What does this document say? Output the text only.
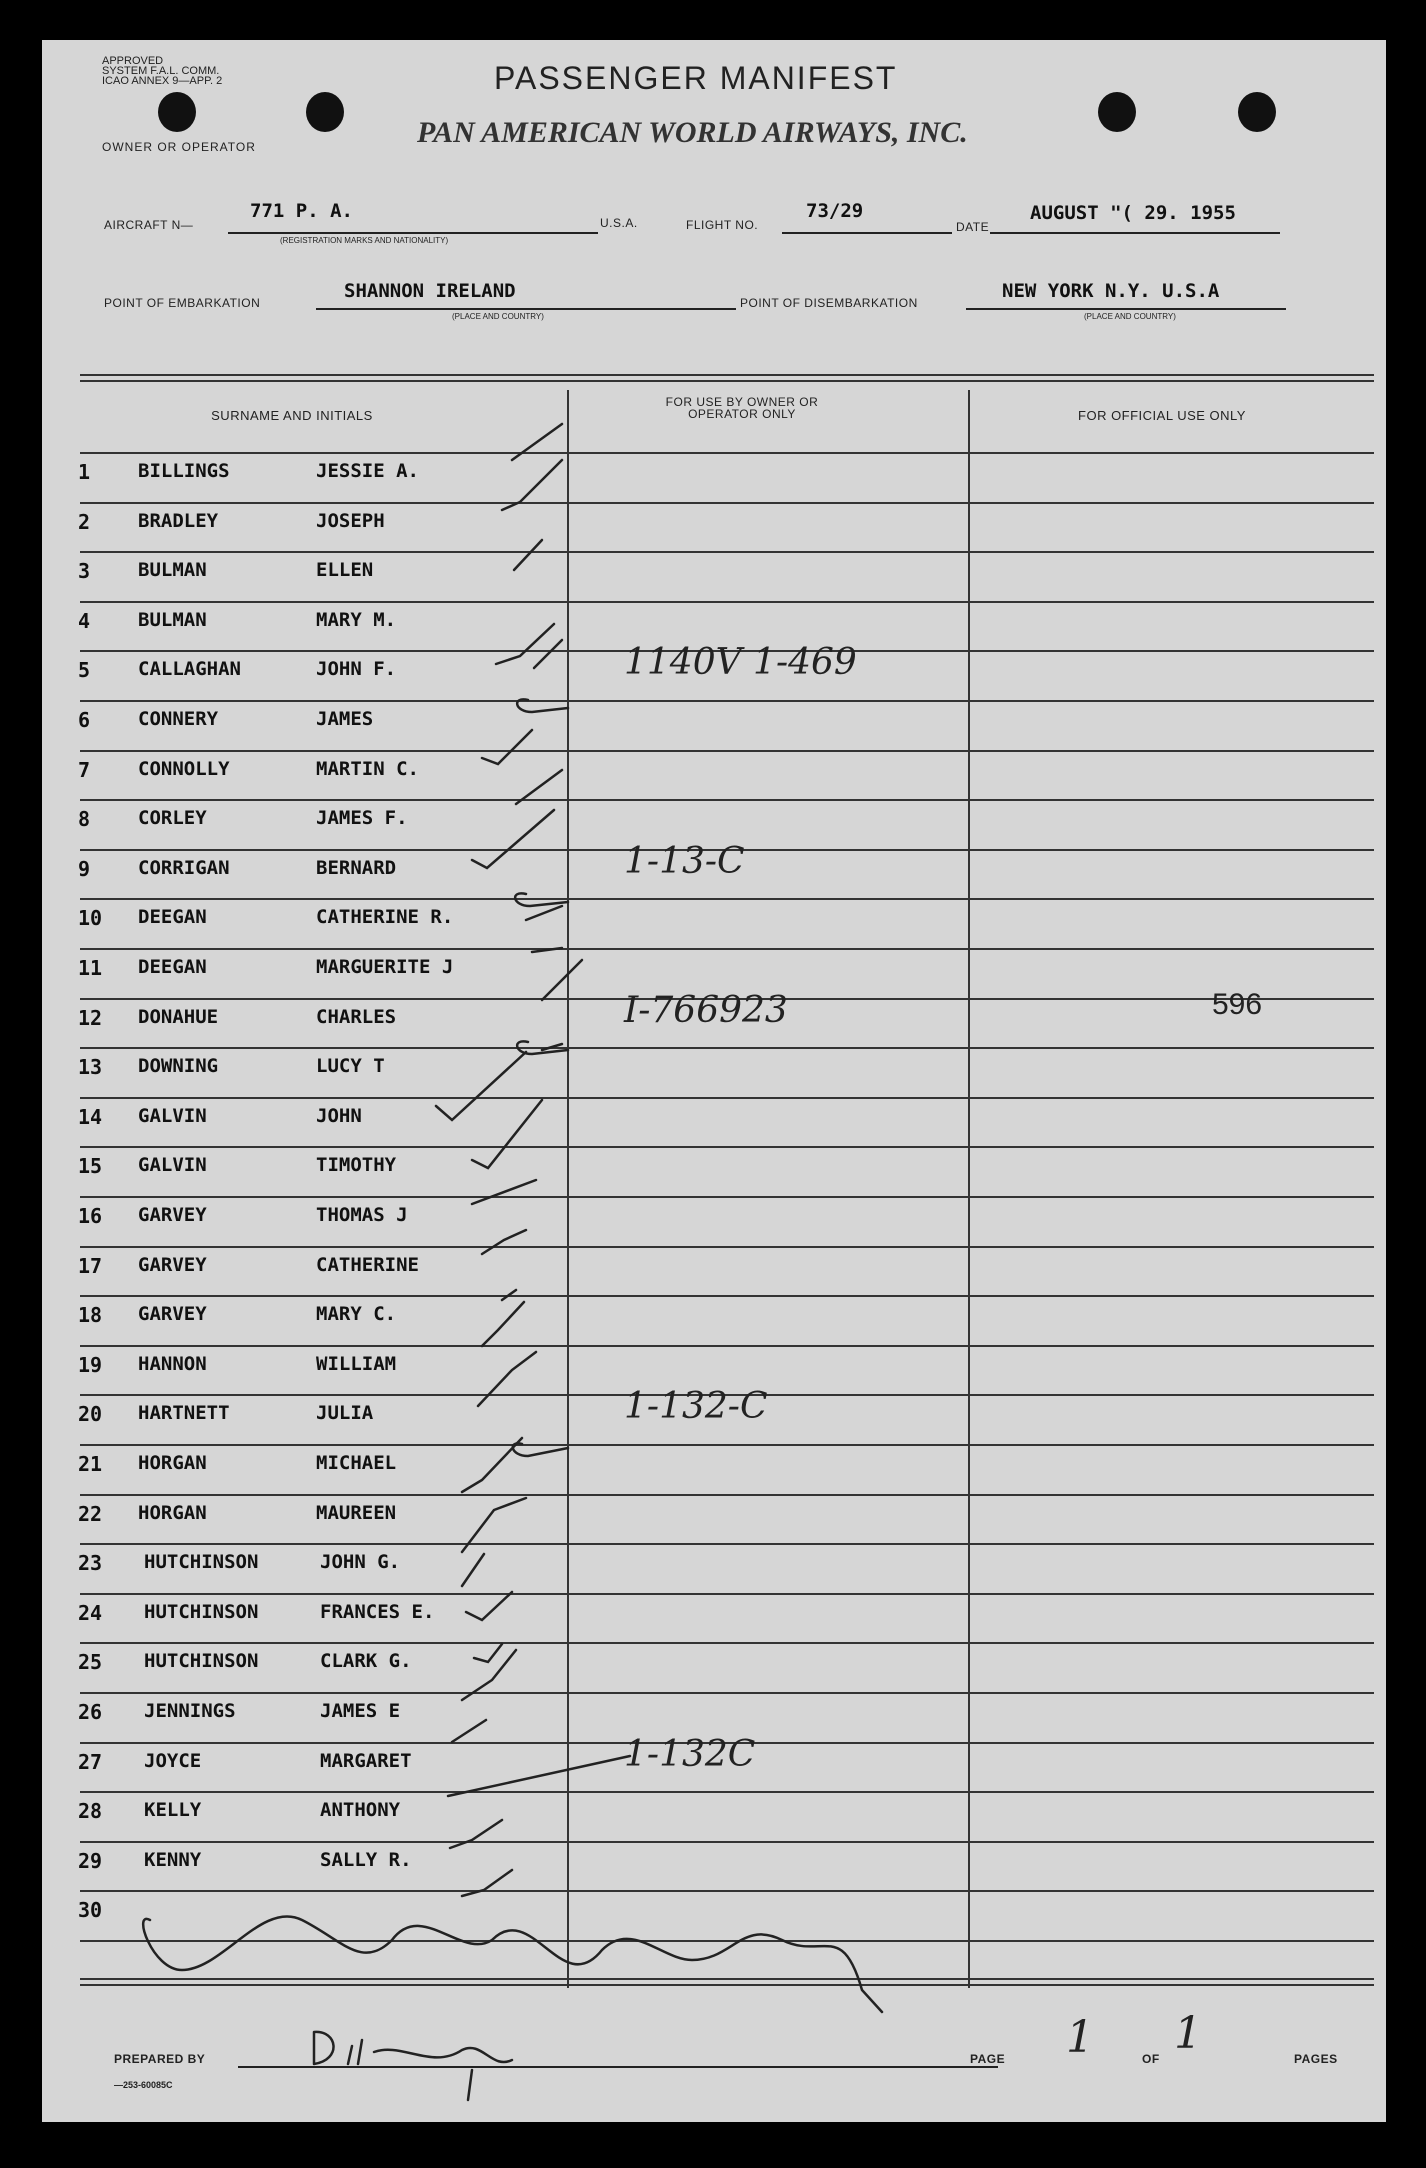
APPROVED
SYSTEM F.A.L. COMM.
ICAO ANNEX 9—APP. 2
OWNER OR OPERATOR
PASSENGER MANIFEST
PAN AMERICAN WORLD AIRWAYS, INC.
AIRCRAFT N—
771 P. A.
(REGISTRATION MARKS AND NATIONALITY)
U.S.A.	FLIGHT NO.
73/29
DATE
AUGUST "( 29. 1955
POINT OF EMBARKATION
SHANNON IRELAND
(PLACE AND COUNTRY)
POINT OF DISEMBARKATION
NEW YORK N.Y. U.S.A
(PLACE AND COUNTRY)
SURNAME AND INITIALS
FOR USE BY OWNER OR OPERATOR ONLY	FOR OFFICIAL USE ONLY
1	BILLINGS	JESSIE A.
2	BRADLEY	JOSEPH
3	BULMAN	ELLEN
4	BULMAN	MARY M.
5	CALLAGHAN	JOHN F.	1140V 1-469
6	CONNERY	JAMES
7	CONNOLLY	MARTIN C.
8	CORLEY	JAMES F.
9	CORRIGAN	BERNARD	1-13-C
10 DEEGAN	CATHERINE R.
11 DEEGAN	MARGUERITE J
12 DONAHUE	CHARLES	I-766923	596
13 DOWNING	LUCY T
14 GALVIN	JOHN
15 GALVIN	TIMOTHY
16 GARVEY	THOMAS J
17 GARVEY	CATHERINE
18 GARVEY	MARY C.
19 HANNON	WILLIAM
20 HARTNETT	JULIA	1-132-C
21 HORGAN	MICHAEL
22 HORGAN	MAUREEN
23 HUTCHINSON	JOHN G.
24 HUTCHINSON	FRANCES E.
25 HUTCHINSON	CLARK G.
26 JENNINGS	JAMES E
27 JOYCE	MARGARET	1-132C
28 KELLY	ANTHONY
29 KENNY	SALLY R.
30
PREPARED BY	PAGE 1	OF 1	PAGES
—253-60085C
